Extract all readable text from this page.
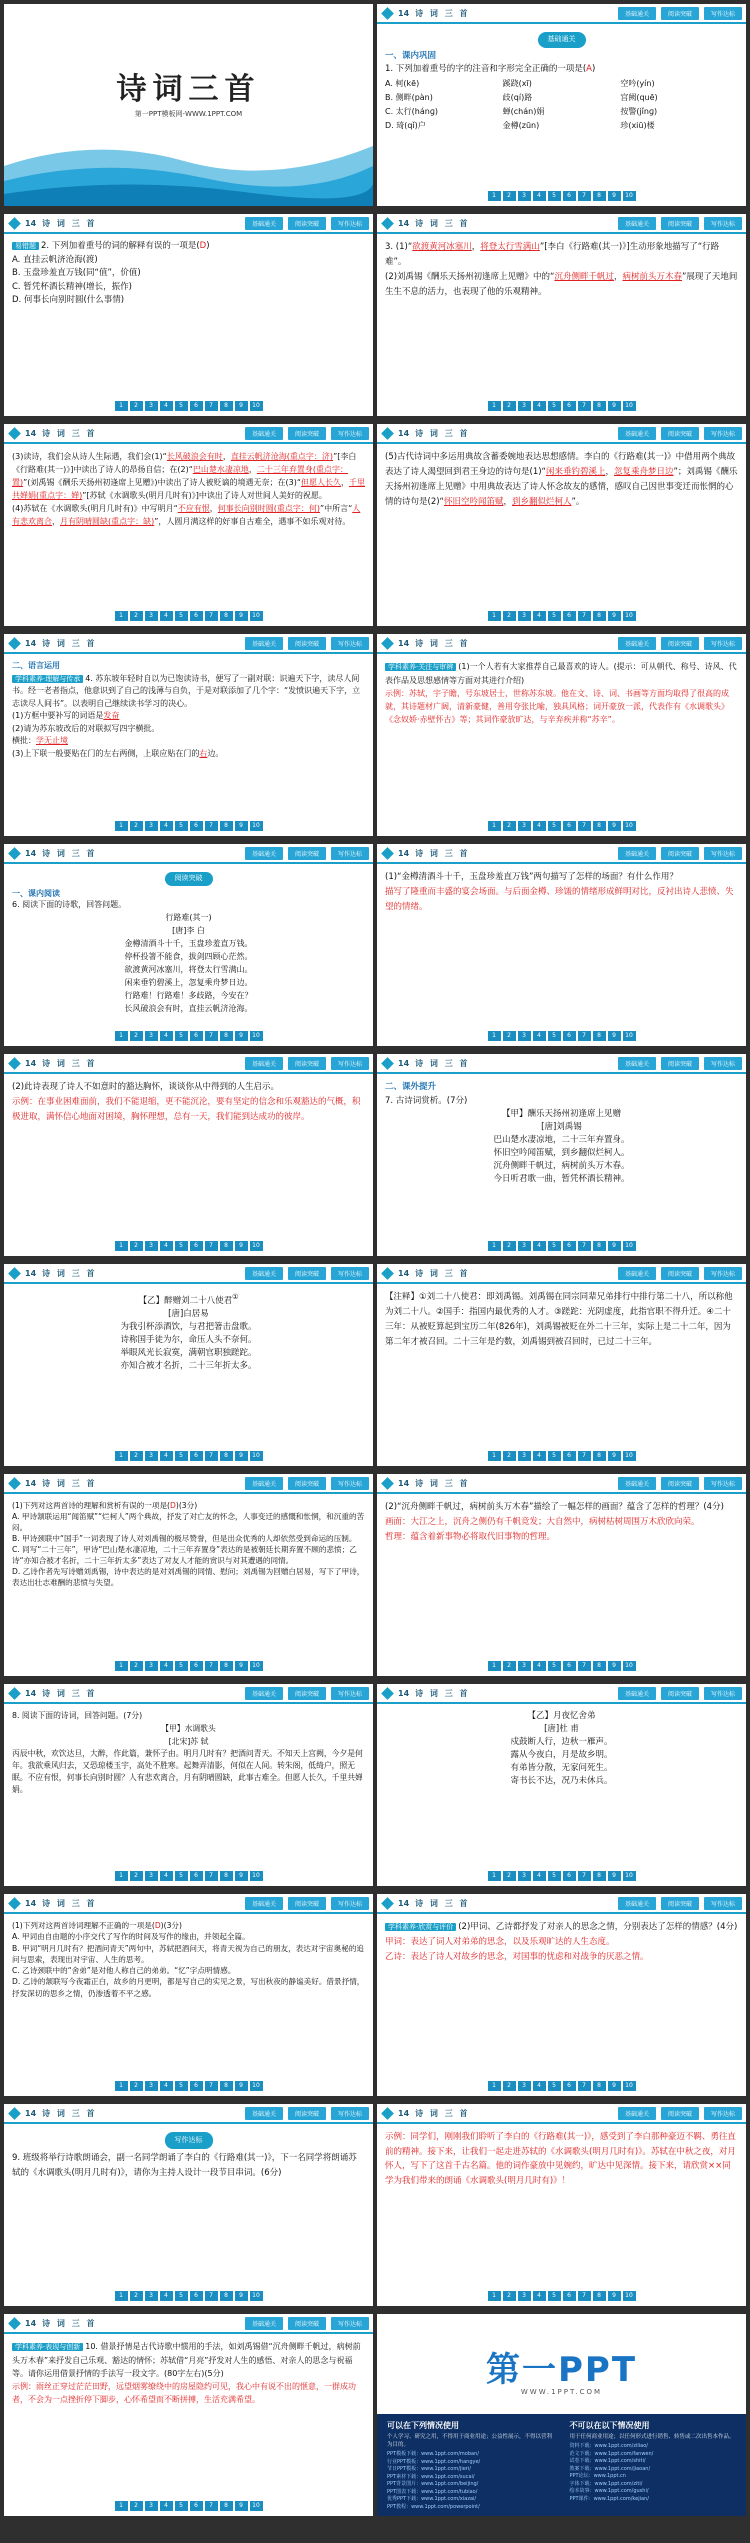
诗词三首
第一PPT模板网-WWW.1PPT.COM
14 诗 词 三 首	基础通关	阅读突破	写作达标
基础通关
一、课内巩固
1. 下列加着重号的字的注音和字形完全正确的一项是(A)
A. 柯(kē)	蹊跷(xī)	空吟(yín)
B. 侧畔(pàn)	歧(qí)路	宫阙(quē)
C. 太行(hánɡ)	蝉(chán)娟	按警(jǐnɡ)
D. 琦(qǐ)户	金樽(zūn)	珍(xiū)楼
1	2	3	4	5	6	7	8	9	10
14 诗 词 三 首	基础通关	阅读突破	写作达标
易错题 2. 下列加着重号的词的解释有误的一项是(D)
A. 直挂云帆济沧海(渡)
B. 玉盘珍羞直万钱(同“值”，价值)
C. 暂凭杯酒长精神(增长，振作)
D. 何事长向别时圆(什么事情)
1	2	3	4	5	6	7	8	9	10
14 诗 词 三 首	基础通关	阅读突破	写作达标
3. (1)“欲渡黄河冰塞川，将登太行雪满山”[李白《行路难(其一)》]生动形象地描写了“行路难”。
(2)刘禹锡《酬乐天扬州初逢席上见赠》中的“沉舟侧畔千帆过，病树前头万木春”展现了天地间生生不息的活力，也表现了他的乐观精神。
1	2	3	4	5	6	7	8	9	10
14 诗 词 三 首	基础通关	阅读突破	写作达标
(3)读诗，我们会从诗人生际遇，我们会(1)“长风破浪会有时，直挂云帆济沧海(重点字：济)”[李白《行路难(其一)》]中读出了诗人的昂扬自信；在(2)“巴山楚水凄凉地，二十三年弃置身(重点字：置)”(刘禹锡《酬乐天扬州初逢席上见赠》)中读出了诗人被贬谪的境遇无奈；在(3)“但愿人长久，千里共婵娟(重点字：婵)”[苏轼《水调歌头(明月几时有)》]中读出了诗人对世间人美好的祝愿。
(4)苏轼在《水调歌头(明月几时有)》中写明月“不应有恨，何事长向别时圆(重点字：何)”中所言“人有悲欢离合，月有阴晴圆缺(重点字：缺)”，人圆月满这样的好事自古难全，遇事不如乐观对待。
1	2	3	4	5	6	7	8	9	10
14 诗 词 三 首	基础通关	阅读突破	写作达标
(5)古代诗词中多运用典故含蓄委婉地表达思想感情。李白的《行路难(其一)》中借用两个典故表达了诗人渴望回到君王身边的诗句是(1)“闲来垂钓碧溪上，忽复乘舟梦日边”；刘禹锡《酬乐天扬州初逢席上见赠》中用典故表达了诗人怀念故友的感情，感叹自己因世事变迁而怅惘的心情的诗句是(2)“怀旧空吟闻笛赋，到乡翻似烂柯人”。
1	2	3	4	5	6	7	8	9	10
14 诗 词 三 首	基础通关	阅读突破	写作达标
二、语言运用
学科素养·理解与传承 4. 苏东坡年轻时自以为已饱读诗书，便写了一副对联：识遍天下字，读尽人间书。经一老者指点，他意识到了自己的浅薄与自负，于是对联添加了几个字：“发愤识遍天下字，立志读尽人间书”。以表明自己继续读书学习的决心。
(1)方框中要补写的词语是发奋
(2)请为苏东坡改后的对联拟写四字横批。
横批：学无止境
(3)上下联一般要贴在门的左右两侧，上联应贴在门的右边。
1	2	3	4	5	6	7	8	9	10
14 诗 词 三 首	基础通关	阅读突破	写作达标
学科素养·关注与审辨 (1)一个人若有大家推荐自己最喜欢的诗人。(提示：可从朝代、称号、诗风、代表作品及思想感情等方面对其进行介绍)
示例：苏轼，宇子瞻，号东坡居士，世称苏东坡。他在文、诗、词、书画等方面均取得了很高的成就，其诗题材广阔，清新豪健，善用夸张比喻，独具风格；词开豪放一派，代表作有《水调歌头》《念奴娇·赤壁怀古》等；其词作豪放旷达，与辛弃疾并称“苏辛”。
1	2	3	4	5	6	7	8	9	10
14 诗 词 三 首	基础通关	阅读突破	写作达标
阅读突破
一、课内阅读
6. 阅读下面的诗歌，回答问题。
行路难(其一)
[唐]李 白
金樽清酒斗十千，玉盘珍羞直万钱。
停杯投箸不能食，拔剑四顾心茫然。
欲渡黄河冰塞川，将登太行雪满山。
闲来垂钓碧溪上，忽复乘舟梦日边。
行路难！行路难！多歧路，今安在？
长风破浪会有时，直挂云帆济沧海。
1	2	3	4	5	6	7	8	9	10
14 诗 词 三 首	基础通关	阅读突破	写作达标
(1)“金樽清酒斗十千，玉盘珍羞直万钱”两句描写了怎样的场面？有什么作用？
描写了隆重而丰盛的宴会场面。与后面金樽、珍馐的情绪形成鲜明对比，反衬出诗人悲愤、失望的情绪。
1	2	3	4	5	6	7	8	9	10
14 诗 词 三 首	基础通关	阅读突破	写作达标
(2)此诗表现了诗人不如意时的豁达胸怀，谈谈你从中得到的人生启示。
示例：在事业困难面前，我们不能退缩，更不能沉沦，要有坚定的信念和乐观豁达的气概，积极进取，满怀信心地面对困境，胸怀理想，总有一天，我们能到达成功的彼岸。
1	2	3	4	5	6	7	8	9	10
14 诗 词 三 首	基础通关	阅读突破	写作达标
二、课外提升
7. 古诗词赏析。(7分)
【甲】酬乐天扬州初逢席上见赠
[唐]刘禹锡
巴山楚水凄凉地，二十三年弃置身。
怀旧空吟闻笛赋，到乡翻似烂柯人。
沉舟侧畔千帆过，病树前头万木春。
今日听君歌一曲，暂凭杯酒长精神。
1	2	3	4	5	6	7	8	9	10
14 诗 词 三 首	基础通关	阅读突破	写作达标
【乙】醉赠刘二十八使君①
[唐]白居易
为我引杯添酒饮，与君把箸击盘歌。
诗称国手徒为尔，命压人头不奈何。
举眼风光长寂寞，满朝官职独蹉跎。
亦知合被才名折，二十三年折太多。
1	2	3	4	5	6	7	8	9	10
14 诗 词 三 首	基础通关	阅读突破	写作达标
【注释】①刘二十八使君：即刘禹锡。刘禹锡在同宗同辈兄弟排行中排行第二十八，所以称他为刘二十八。②国手：指国内最优秀的人才。③蹉跎：光阴虚度，此指官职不得升迁。④二十三年：从被贬算起到宝历二年(826年)，刘禹锡被贬在外二十三年，实际上是二十二年，因为第二年才被召回。二十三年是约数，刘禹锡到被召回时，已过二十三年。
1	2	3	4	5	6	7	8	9	10
14 诗 词 三 首	基础通关	阅读突破	写作达标
(1)下列对这两首诗的理解和赏析有误的一项是(D)(3分)
A. 甲诗颔联运用“闻笛赋”“烂柯人”两个典故，抒发了对亡友的怀念，人事变迁的感慨和怅惘，和沉重的苦闷。
B. 甲诗颈联中“国手”一词表现了诗人对刘禹锡的极尽赞誉，但是出众优秀的人却依然受到命运的压制。
C. 同写“二十三年”，甲诗“巴山楚水凄凉地，二十三年弃置身”表达的是被朝廷长期弃置不顾的悲愤；乙诗“亦知合被才名折，二十三年折太多”表达了对友人才能的赏识与对其遭遇的同情。
D. 乙诗作者先写诗赠刘禹锡，诗中表达的是对刘禹锡的同情、慰问；刘禹锡为回赠白居易，写下了甲诗，表达出壮志难酬的悲愤与失望。
1	2	3	4	5	6	7	8	9	10
14 诗 词 三 首	基础通关	阅读突破	写作达标
(2)“沉舟侧畔千帆过，病树前头万木春”描绘了一幅怎样的画面？蕴含了怎样的哲理？(4分)
画面：大江之上，沉舟之侧仍有千帆竞发；大自然中，病树枯树周围万木欣欣向荣。
哲理：蕴含着新事物必将取代旧事物的哲理。
1	2	3	4	5	6	7	8	9	10
14 诗 词 三 首	基础通关	阅读突破	写作达标
8. 阅读下面的诗词，回答问题。(7分)
【甲】水调歌头
[北宋]苏 轼
丙辰中秋，欢饮达旦，大醉，作此篇，兼怀子由。明月几时有？把酒问青天。不知天上宫阙，今夕是何年。我欲乘风归去，又恐琼楼玉宇，高处不胜寒。起舞弄清影，何似在人间。转朱阁，低绮户，照无眠。不应有恨，何事长向别时圆？人有悲欢离合，月有阴晴圆缺，此事古难全。但愿人长久，千里共婵娟。
1	2	3	4	5	6	7	8	9	10
14 诗 词 三 首	基础通关	阅读突破	写作达标
【乙】月夜忆舍弟
[唐]杜 甫
戍鼓断人行，边秋一雁声。
露从今夜白，月是故乡明。
有弟皆分散，无家问死生。
寄书长不达，况乃未休兵。
1	2	3	4	5	6	7	8	9	10
14 诗 词 三 首	基础通关	阅读突破	写作达标
(1)下列对这两首诗词理解不正确的一项是(D)(3分)
A. 甲词由自由题的小序交代了写作的时间及写作的缘由，并领起全篇。
B. 甲词“明月几时有？把酒问青天”两句中，苏轼把酒问天，将青天视为自己的朋友，表达对宇宙奥秘的追问与思索，表现出对宇宙、人生的思考。
C. 乙诗颈联中的“舍弟”是对他人称自己的弟弟。“忆”字点明情感。
D. 乙诗的颔联写今夜霜正白，故乡的月更明，都是写自己的实见之景，写出秋夜的静谧美好。借景抒情，抒发深切的思乡之情，仍渗透着不平之感。
1	2	3	4	5	6	7	8	9	10
14 诗 词 三 首	基础通关	阅读突破	写作达标
学科素养·欣赏与评价 (2)甲词、乙诗都抒发了对亲人的思念之情，分别表达了怎样的情感？(4分)
甲词：表达了词人对弟弟的思念，以及乐观旷达的人生态度。
乙诗：表达了诗人对故乡的思念，对国事的忧虑和对战争的厌恶之情。
1	2	3	4	5	6	7	8	9	10
14 诗 词 三 首	基础通关	阅读突破	写作达标
写作达标
9. 班级将举行诗歌朗诵会，副一名同学朗诵了李白的《行路难(其一)》，下一名同学将朗诵苏轼的《水调歌头(明月几时有)》，请你为主持人设计一段节目串词。(6分)
1	2	3	4	5	6	7	8	9	10
14 诗 词 三 首	基础通关	阅读突破	写作达标
示例：同学们，刚刚我们聆听了李白的《行路难(其一)》，感受到了李白那种豪迈不羁、勇往直前的精神。接下来，让我们一起走进苏轼的《水调歌头(明月几时有)》。苏轼在中秋之夜，对月怀人，写下了这首千古名篇。他的词作豪放中见婉约，旷达中见深情。接下来，请欣赏××同学为我们带来的朗诵《水调歌头(明月几时有)》！
1	2	3	4	5	6	7	8	9	10
14 诗 词 三 首	基础通关	阅读突破	写作达标
学科素养·表现与创新 10. 借景抒情是古代诗歌中惯用的手法，如刘禹锡借“沉舟侧畔千帆过，病树前头万木春”来抒发自己乐观、豁达的情怀；苏轼借“月亮”抒发对人生的感悟、对亲人的思念与祝福等。请你运用借景抒情的手法写一段文字。(80字左右)(5分)
示例：雨丝正穿过茫茫田野，远望烟雾缭绕中的房屋隐约可见，我心中有说不出的惬意，一群成功者，不会为一点挫折停下脚步，心怀希望而不断拼搏，生活充满希望。
1	2	3	4	5	6	7	8	9	10
第一PPT
WWW.1PPT.COM
可以在下列情况使用

个人学习、研究之用，不得用于商业用途；公益性展示，不得以营利为目的。

PPT模板下载：www.1ppt.com/moban/
行业PPT模板：www.1ppt.com/hangye/
节日PPT模板：www.1ppt.com/jieri/
PPT素材下载：www.1ppt.com/sucai/
PPT背景图片：www.1ppt.com/beijing/
PPT图表下载：www.1ppt.com/tubiao/
优秀PPT下载：www.1ppt.com/xiazai/
PPT教程：www.1ppt.com/powerpoint/
不可以在以下情况使用

用于任何商业用途；以任何形式进行销售、转售或二次出售本作品。

资料下载：www.1ppt.com/ziliao/
范文下载：www.1ppt.com/fanwen/
试卷下载：www.1ppt.com/shiti/
教案下载：www.1ppt.com/jiaoan/
PPT论坛：www.1ppt.cn
字体下载：www.1ppt.com/ziti/
绘本故事：www.1ppt.com/gushi/
PPT课件：www.1ppt.com/kejian/
